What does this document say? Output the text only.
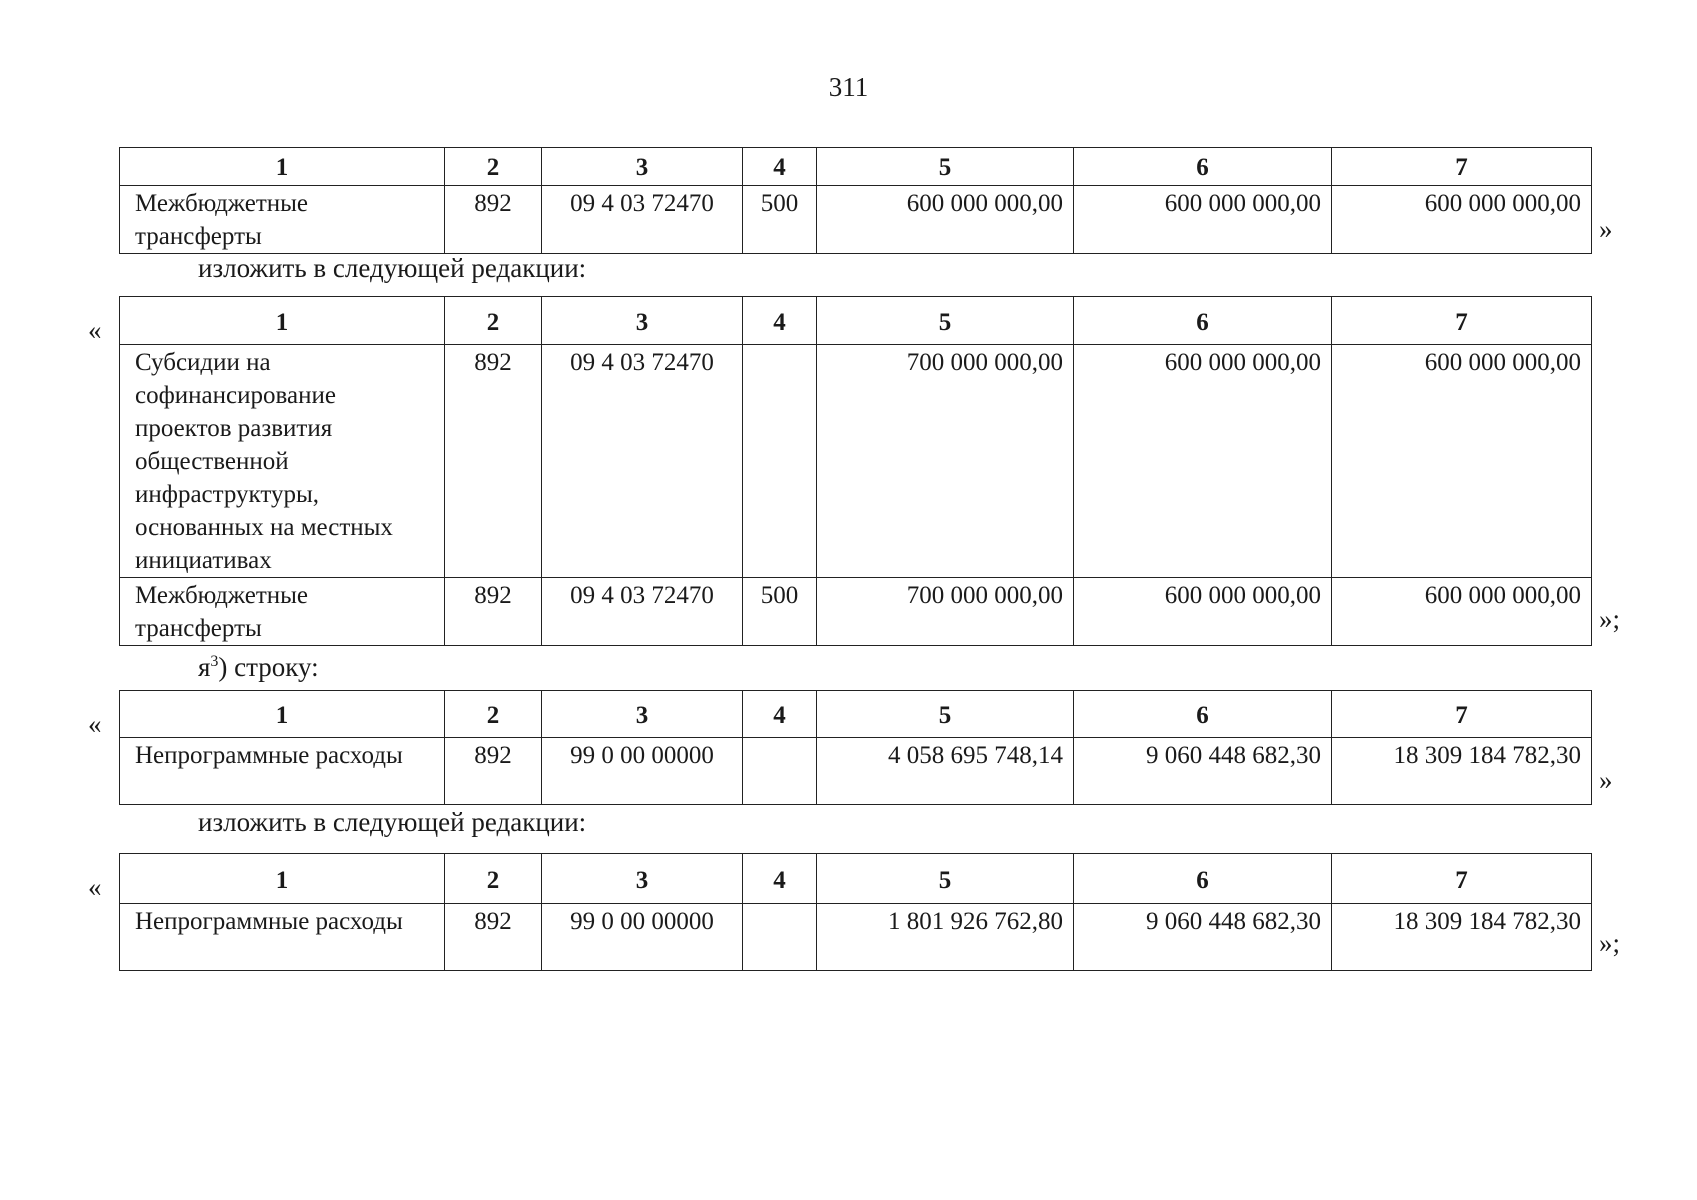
311
1	2	3	4	5	6	7
Межбюджетные трансферты	892	09 4 03 72470	500	600 000 000,00	600 000 000,00	600 000 000,00
»
изложить в следующей редакции:
«	1	2	3	4	5	6	7
Субсидии на софинансирование проектов развития общественной инфраструктуры, основанных на местных инициативах	892	09 4 03 72470		700 000 000,00	600 000 000,00	600 000 000,00
Межбюджетные трансферты	892	09 4 03 72470	500	700 000 000,00	600 000 000,00	600 000 000,00
»;
$я^3$) строку:
«	1	2	3	4	5	6	7
Непрограммные расходы	892	99 0 00 00000		4 058 695 748,14	9 060 448 682,30	18 309 184 782,30
»
изложить в следующей редакции:
«	1	2	3	4	5	6	7
Непрограммные расходы	892	99 0 00 00000		1 801 926 762,80	9 060 448 682,30	18 309 184 782,30
»;
